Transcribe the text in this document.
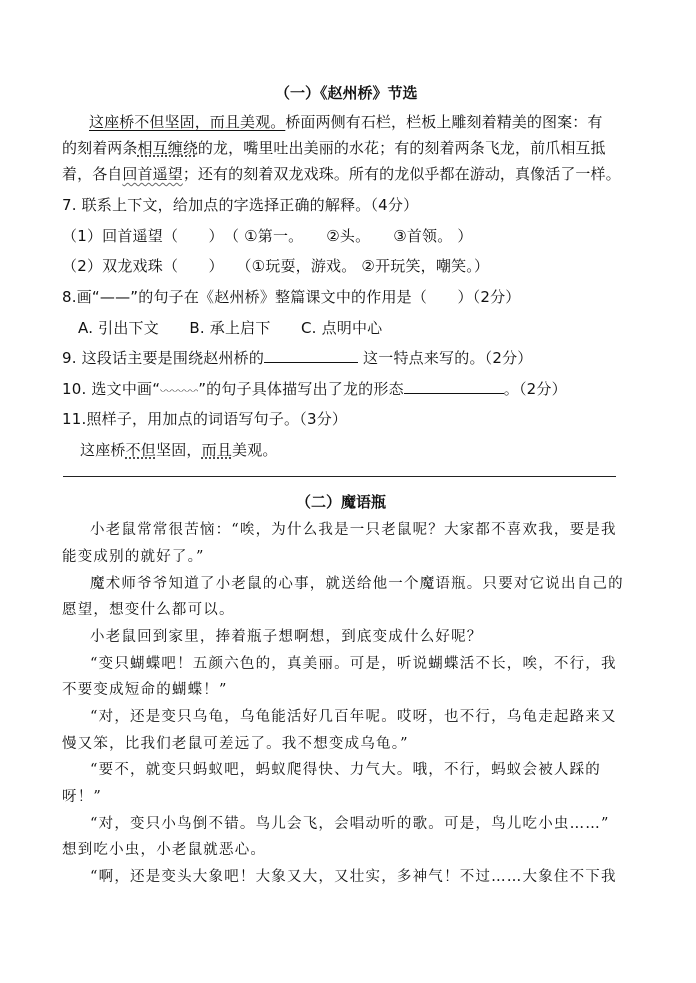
（一）《赵州桥》节选
这座桥不但坚固，而且美观。桥面两侧有石栏，栏板上雕刻着精美的图案：有
的刻着两条相互缠绕的龙，嘴里吐出美丽的水花；有的刻着两条飞龙，前爪相互抵
着，各自回首遥望；还有的刻着双龙戏珠。所有的龙似乎都在游动，真像活了一样。
7. 联系上下文，给加点的字选择正确的解释。（4分）
（1）回首遥望（　　）　（ ①第一。　　②头。　　③首领。 ）
（2）双龙戏珠（　　）　 （①玩耍，游戏。 ②开玩笑，嘲笑。）
8.画“——”的句子在《赵州桥》整篇课文中的作用是（　　）（2分）
A. 引出下文　　B. 承上启下　　C. 点明中心
9. 这段话主要是围绕赵州桥的	这一特点来写的。（2分）
10. 选文中画“	”的句子具体描写出了龙的形态	。（2分）
11.照样子，用加点的词语写句子。（3分）
这座桥不但坚固，而且美观。
（二）魔语瓶
小老鼠常常很苦恼：“唉，为什么我是一只老鼠呢？大家都不喜欢我，要是我
能变成别的就好了。”
魔术师爷爷知道了小老鼠的心事，就送给他一个魔语瓶。只要对它说出自己的
愿望，想变什么都可以。
小老鼠回到家里，捧着瓶子想啊想，到底变成什么好呢？
“变只蝴蝶吧！五颜六色的，真美丽。可是，听说蝴蝶活不长，唉，不行，我
不要变成短命的蝴蝶！”
“对，还是变只乌龟，乌龟能活好几百年呢。哎呀，也不行，乌龟走起路来又
慢又笨，比我们老鼠可差远了。我不想变成乌龟。”
“要不，就变只蚂蚁吧，蚂蚁爬得快、力气大。哦，不行，蚂蚁会被人踩的
呀！”
“对，变只小鸟倒不错。鸟儿会飞，会唱动听的歌。可是，鸟儿吃小虫……”
想到吃小虫，小老鼠就恶心。
“啊，还是变头大象吧！大象又大，又壮实，多神气！不过……大象住不下我
